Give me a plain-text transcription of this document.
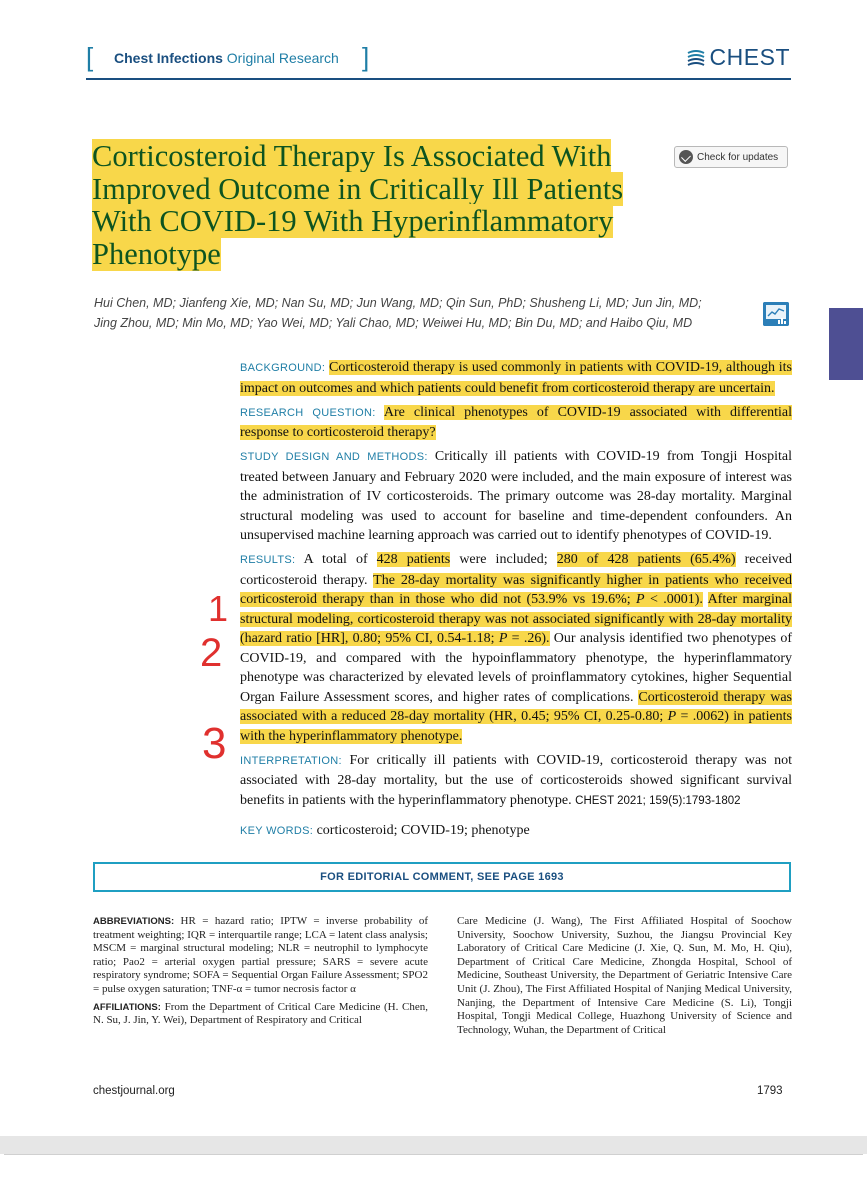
[ Chest Infections Original Research ]	CHEST
Corticosteroid Therapy Is Associated With Improved Outcome in Critically Ill Patients With COVID-19 With Hyperinflammatory Phenotype
Check for updates
Hui Chen, MD; Jianfeng Xie, MD; Nan Su, MD; Jun Wang, MD; Qin Sun, PhD; Shusheng Li, MD; Jun Jin, MD;
Jing Zhou, MD; Min Mo, MD; Yao Wei, MD; Yali Chao, MD; Weiwei Hu, MD; Bin Du, MD; and Haibo Qiu, MD

BACKGROUND: Corticosteroid therapy is used commonly in patients with COVID-19, although its impact on outcomes and which patients could benefit from corticosteroid therapy are uncertain.

RESEARCH QUESTION: Are clinical phenotypes of COVID-19 associated with differential response to corticosteroid therapy?

STUDY DESIGN AND METHODS: Critically ill patients with COVID-19 from Tongji Hospital treated between January and February 2020 were included, and the main exposure of interest was the administration of IV corticosteroids. The primary outcome was 28-day mortality. Marginal structural modeling was used to account for baseline and time-dependent confounders. An unsupervised machine learning approach was carried out to identify phenotypes of COVID-19.

RESULTS: A total of 428 patients were included; 280 of 428 patients (65.4%) received corticosteroid therapy. The 28-day mortality was significantly higher in patients who received corticosteroid therapy than in those who did not (53.9% vs 19.6%; P < .0001). After marginal structural modeling, corticosteroid therapy was not associated significantly with 28-day mortality (hazard ratio [HR], 0.80; 95% CI, 0.54-1.18; P = .26). Our analysis identified two phenotypes of COVID-19, and compared with the hypoinflammatory phenotype, the hyperinflammatory phenotype was characterized by elevated levels of proinflammatory cytokines, higher Sequential Organ Failure Assessment scores, and higher rates of complications. Corticosteroid therapy was associated with a reduced 28-day mortality (HR, 0.45; 95% CI, 0.25-0.80; P = .0062) in patients with the hyperinflammatory phenotype.

INTERPRETATION: For critically ill patients with COVID-19, corticosteroid therapy was not associated with 28-day mortality, but the use of corticosteroids showed significant survival benefits in patients with the hyperinflammatory phenotype. CHEST 2021; 159(5):1793-1802

KEY WORDS: corticosteroid; COVID-19; phenotype

1
2
3
FOR EDITORIAL COMMENT, SEE PAGE 1693

ABBREVIATIONS: HR = hazard ratio; IPTW = inverse probability of treatment weighting; IQR = interquartile range; LCA = latent class analysis; MSCM = marginal structural modeling; NLR = neutrophil to lymphocyte ratio; Pao2 = arterial oxygen partial pressure; SARS = severe acute respiratory syndrome; SOFA = Sequential Organ Failure Assessment; SPO2 = pulse oxygen saturation; TNF-α = tumor necrosis factor α

AFFILIATIONS: From the Department of Critical Care Medicine (H. Chen, N. Su, J. Jin, Y. Wei), Department of Respiratory and Critical

Care Medicine (J. Wang), The First Affiliated Hospital of Soochow University, Soochow University, Suzhou, the Jiangsu Provincial Key Laboratory of Critical Care Medicine (J. Xie, Q. Sun, M. Mo, H. Qiu), Department of Critical Care Medicine, Zhongda Hospital, School of Medicine, Southeast University, the Department of Geriatric Intensive Care Unit (J. Zhou), The First Affiliated Hospital of Nanjing Medical University, Nanjing, the Department of Intensive Care Medicine (S. Li), Tongji Hospital, Tongji Medical College, Huazhong University of Science and Technology, Wuhan, the Department of Critical

chestjournal.org	1793
